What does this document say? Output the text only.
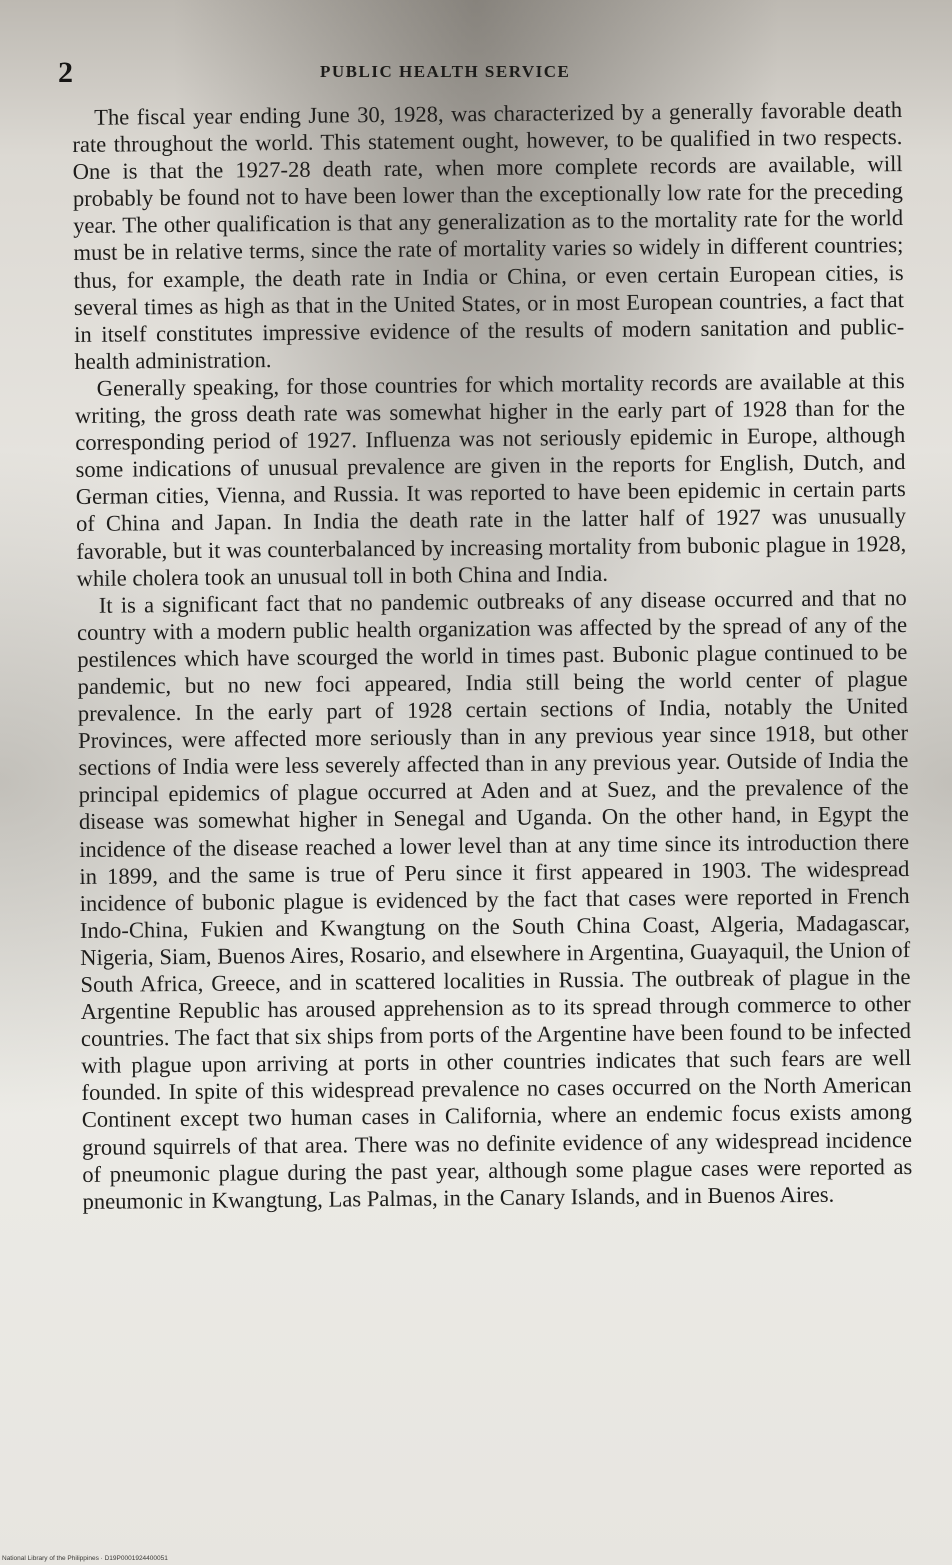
2	PUBLIC HEALTH SERVICE

The fiscal year ending June 30, 1928, was characterized by a generally favorable death rate throughout the world. This statement ought, however, to be qualified in two respects. One is that the 1927-28 death rate, when more complete records are available, will probably be found not to have been lower than the exceptionally low rate for the preceding year. The other qualification is that any generalization as to the mortality rate for the world must be in relative terms, since the rate of mortality varies so widely in different countries; thus, for example, the death rate in India or China, or even certain European cities, is several times as high as that in the United States, or in most European countries, a fact that in itself constitutes impressive evidence of the results of modern sanitation and public-health administration.

Generally speaking, for those countries for which mortality records are available at this writing, the gross death rate was somewhat higher in the early part of 1928 than for the corresponding period of 1927. Influenza was not seriously epidemic in Europe, although some indications of unusual prevalence are given in the reports for English, Dutch, and German cities, Vienna, and Russia. It was reported to have been epidemic in certain parts of China and Japan. In India the death rate in the latter half of 1927 was unusually favorable, but it was counterbalanced by increasing mortality from bubonic plague in 1928, while cholera took an unusual toll in both China and India.

It is a significant fact that no pandemic outbreaks of any disease occurred and that no country with a modern public health organization was affected by the spread of any of the pestilences which have scourged the world in times past. Bubonic plague continued to be pandemic, but no new foci appeared, India still being the world center of plague prevalence. In the early part of 1928 certain sections of India, notably the United Provinces, were affected more seriously than in any previous year since 1918, but other sections of India were less severely affected than in any previous year. Outside of India the principal epidemics of plague occurred at Aden and at Suez, and the prevalence of the disease was somewhat higher in Senegal and Uganda. On the other hand, in Egypt the incidence of the disease reached a lower level than at any time since its introduction there in 1899, and the same is true of Peru since it first appeared in 1903. The widespread incidence of bubonic plague is evidenced by the fact that cases were reported in French Indo-China, Fukien and Kwangtung on the South China Coast, Algeria, Madagascar, Nigeria, Siam, Buenos Aires, Rosario, and elsewhere in Argentina, Guayaquil, the Union of South Africa, Greece, and in scattered localities in Russia. The outbreak of plague in the Argentine Republic has aroused apprehension as to its spread through commerce to other countries. The fact that six ships from ports of the Argentine have been found to be infected with plague upon arriving at ports in other countries indicates that such fears are well founded. In spite of this widespread prevalence no cases occurred on the North American Continent except two human cases in California, where an endemic focus exists among ground squirrels of that area. There was no definite evidence of any widespread incidence of pneumonic plague during the past year, although some plague cases were reported as pneumonic in Kwangtung, Las Palmas, in the Canary Islands, and in Buenos Aires.

National Library of the Philippines · D19P0001924400051
